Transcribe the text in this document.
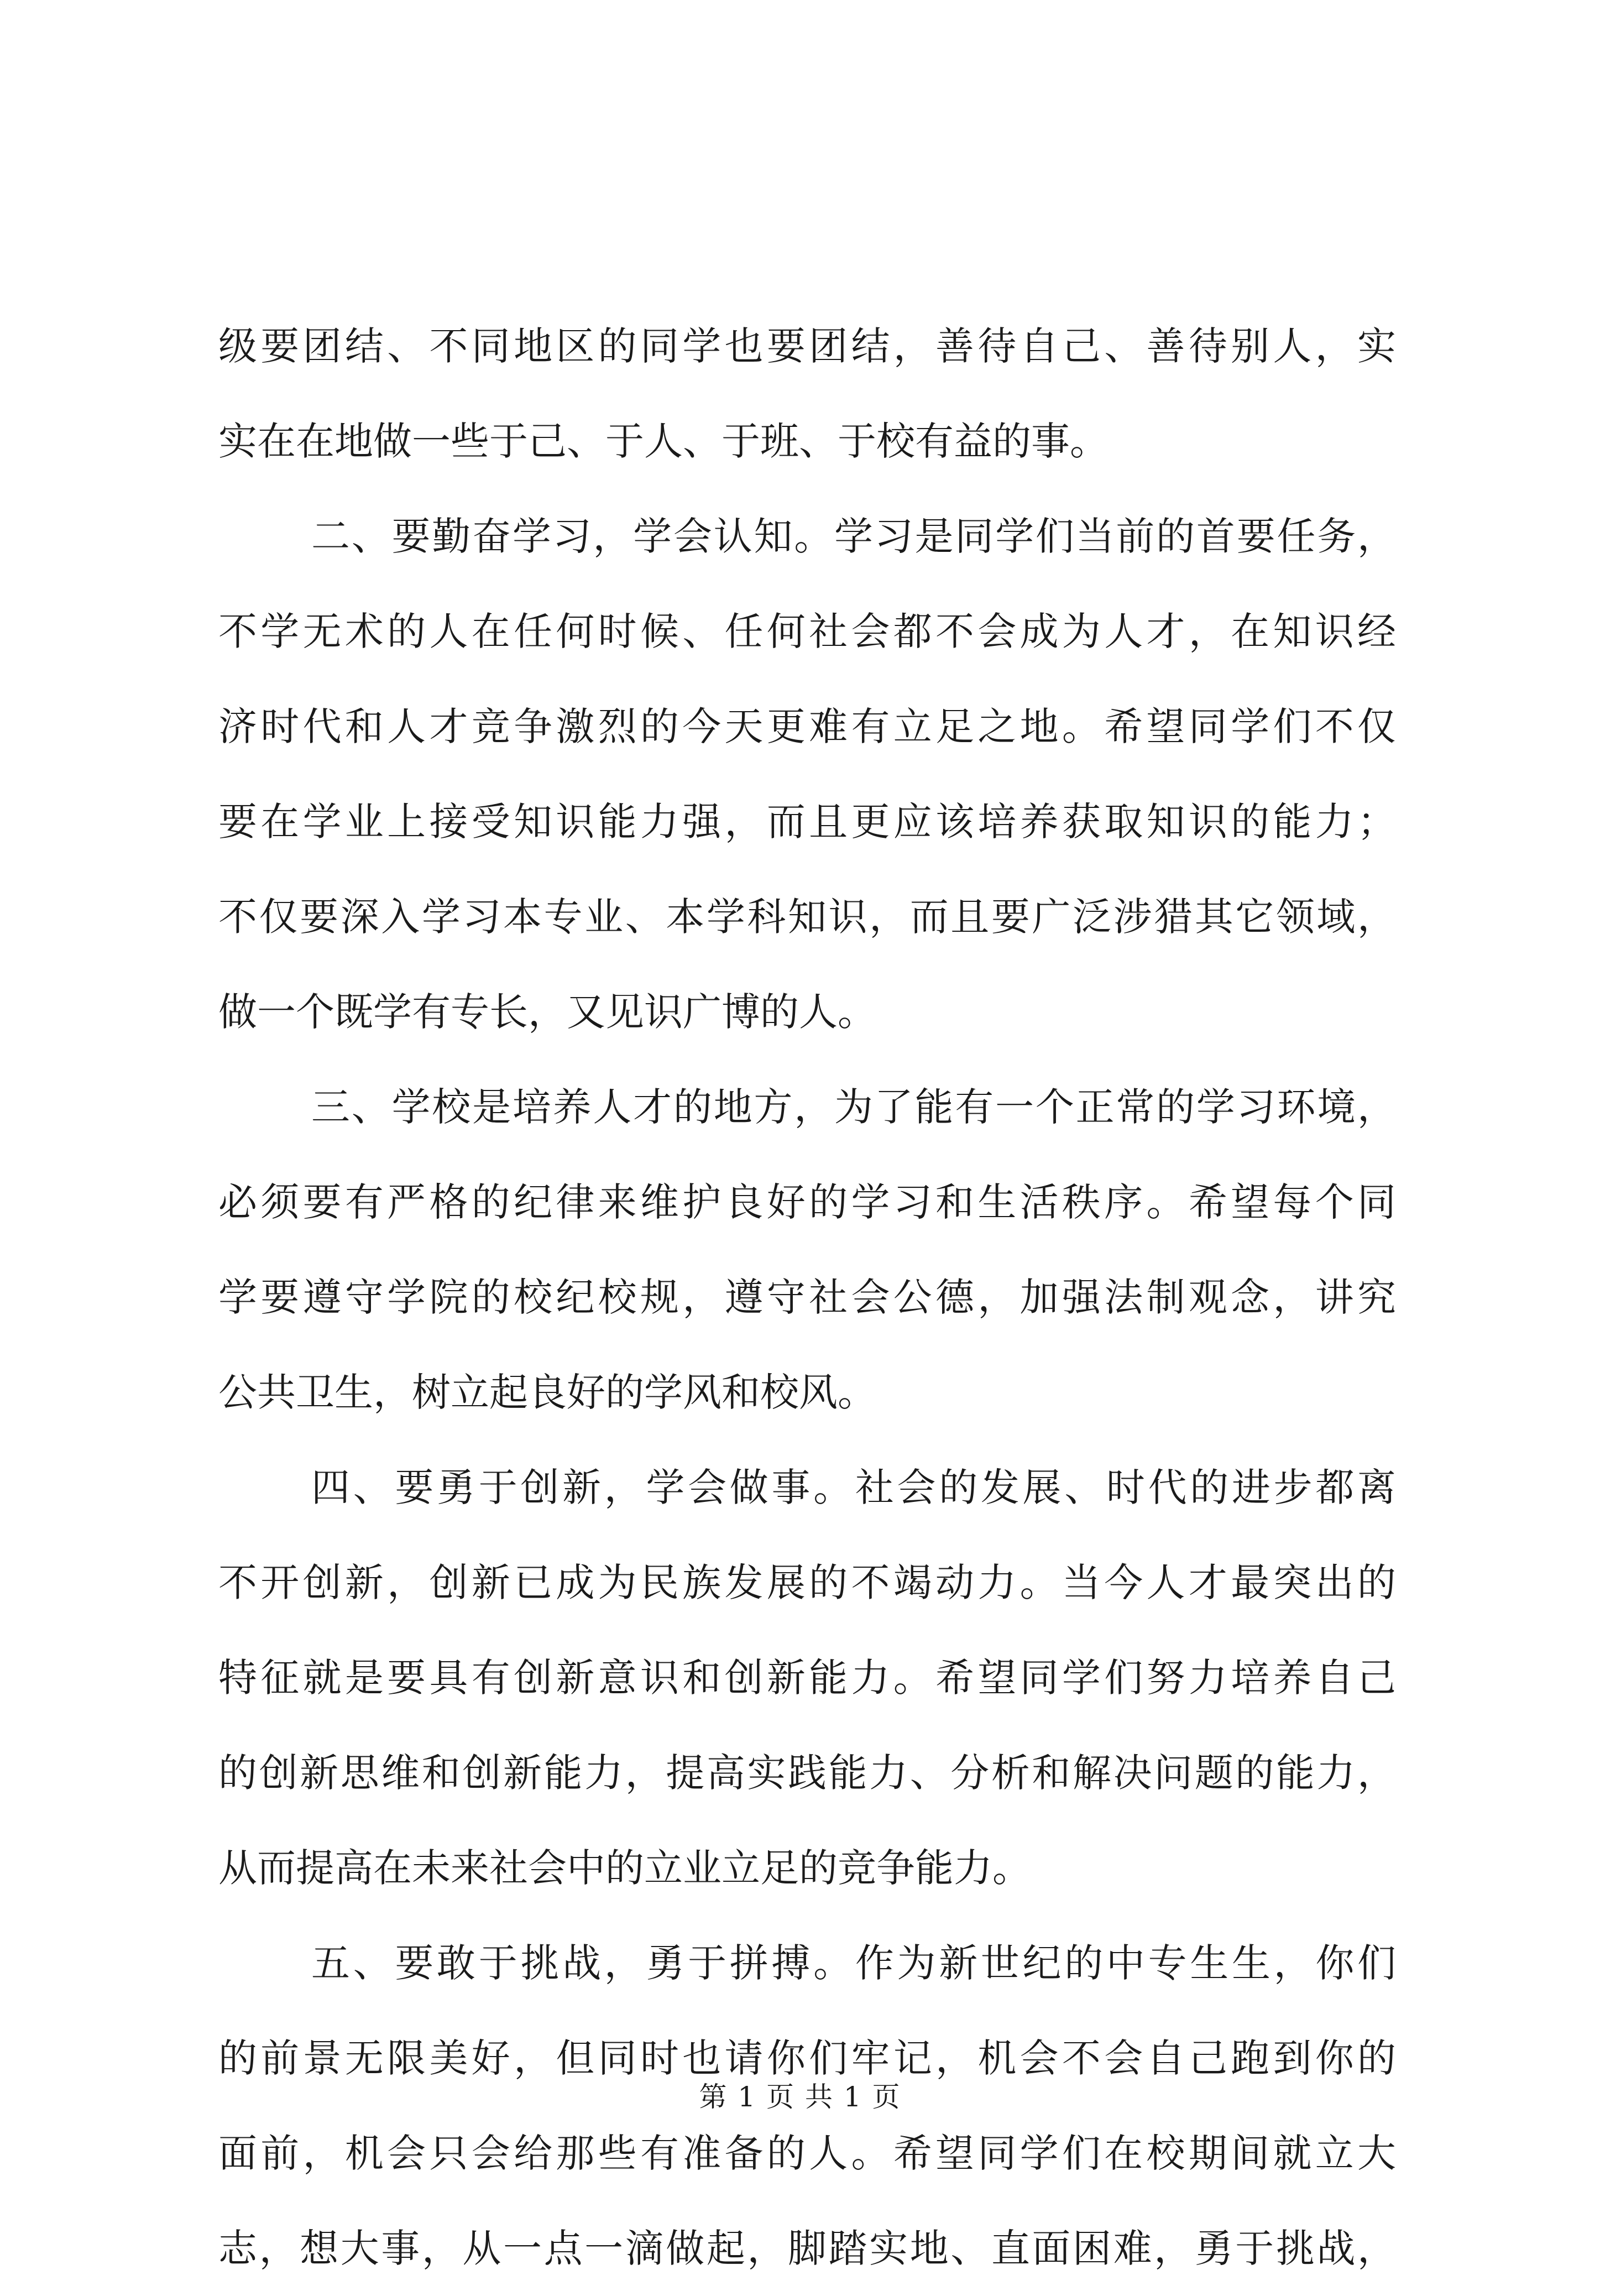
级要团结、不同地区的同学也要团结，善待自己、善待别人，实
实在在地做一些于己、于人、于班、于校有益的事。
二、要勤奋学习，学会认知。学习是同学们当前的首要任务，
不学无术的人在任何时候、任何社会都不会成为人才，在知识经
济时代和人才竞争激烈的今天更难有立足之地。希望同学们不仅
要在学业上接受知识能力强，而且更应该培养获取知识的能力；
不仅要深入学习本专业、本学科知识，而且要广泛涉猎其它领域，
做一个既学有专长，又见识广博的人。
三、学校是培养人才的地方，为了能有一个正常的学习环境，
必须要有严格的纪律来维护良好的学习和生活秩序。希望每个同
学要遵守学院的校纪校规，遵守社会公德，加强法制观念，讲究
公共卫生，树立起良好的学风和校风。
四、要勇于创新，学会做事。社会的发展、时代的进步都离
不开创新，创新已成为民族发展的不竭动力。当今人才最突出的
特征就是要具有创新意识和创新能力。希望同学们努力培养自己
的创新思维和创新能力，提高实践能力、分析和解决问题的能力，
从而提高在未来社会中的立业立足的竞争能力。
五、要敢于挑战，勇于拼搏。作为新世纪的中专生生，你们
的前景无限美好，但同时也请你们牢记，机会不会自己跑到你的
面前，机会只会给那些有准备的人。希望同学们在校期间就立大
志，想大事，从一点一滴做起，脚踏实地、直面困难，勇于挑战，
第 1 页 共 1 页
